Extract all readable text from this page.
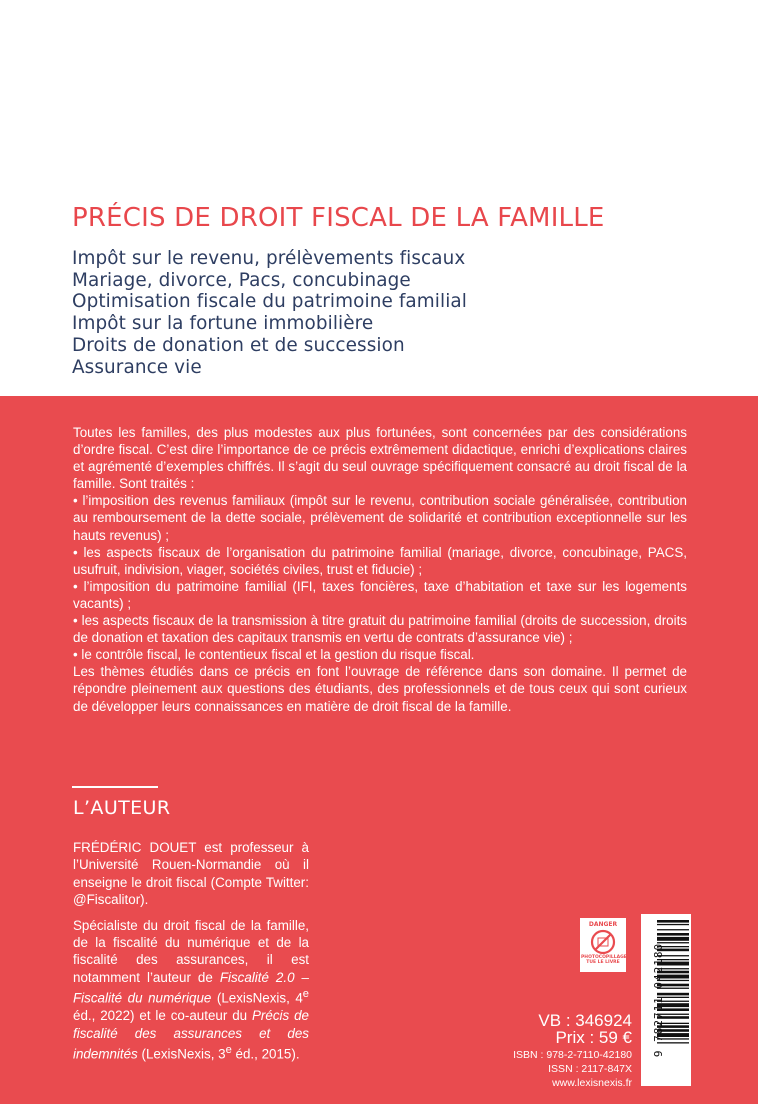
PRÉCIS DE DROIT FISCAL DE LA FAMILLE
Impôt sur le revenu, prélèvements fiscaux
Mariage, divorce, Pacs, concubinage
Optimisation fiscale du patrimoine familial
Impôt sur la fortune immobilière
Droits de donation et de succession
Assurance vie

Toutes les familles, des plus modestes aux plus fortunées, sont concernées par des considérations d’ordre fiscal. C’est dire l’importance de ce précis extrêmement didactique, enrichi d’explications claires et agrémenté d’exemples chiffrés. Il s’agit du seul ouvrage spécifiquement consacré au droit fiscal de la famille. Sont traités :

• l’imposition des revenus familiaux (impôt sur le revenu, contribution sociale généralisée, contribution au remboursement de la dette sociale, prélèvement de solidarité et contribution exceptionnelle sur les hauts revenus) ;

• les aspects fiscaux de l’organisation du patrimoine familial (mariage, divorce, concubinage, PACS, usufruit, indivision, viager, sociétés civiles, trust et fiducie) ;

• l’imposition du patrimoine familial (IFI, taxes foncières, taxe d’habitation et taxe sur les logements vacants) ;

• les aspects fiscaux de la transmission à titre gratuit du patrimoine familial (droits de succession, droits de donation et taxation des capitaux transmis en vertu de contrats d’assurance vie) ;

• le contrôle fiscal, le contentieux fiscal et la gestion du risque fiscal.

Les thèmes étudiés dans ce précis en font l’ouvrage de référence dans son domaine. Il permet de répondre pleinement aux questions des étudiants, des professionnels et de tous ceux qui sont curieux de développer leurs connaissances en matière de droit fiscal de la famille.

L’AUTEUR

FRÉDÉRIC DOUET est professeur à l’Université Rouen-Normandie où il enseigne le droit fiscal (Compte Twitter: @Fiscalitor).

Spécialiste du droit fiscal de la famille, de la fiscalité du numérique et de la fiscalité des assurances, il est notamment l’auteur de Fiscalité 2.0 – Fiscalité du numérique (LexisNexis, 4e éd., 2022) et le co-auteur du Précis de fiscalité des assurances et des indemnités (LexisNexis, 3e éd., 2015).

DANGER
PHOTOCOPILLAGE
TUE LE LIVRE	9 782711 042180
VB : 346924
Prix : 59 €
ISBN : 978-2-7110-42180
ISSN : 2117-847X
www.lexisnexis.fr
